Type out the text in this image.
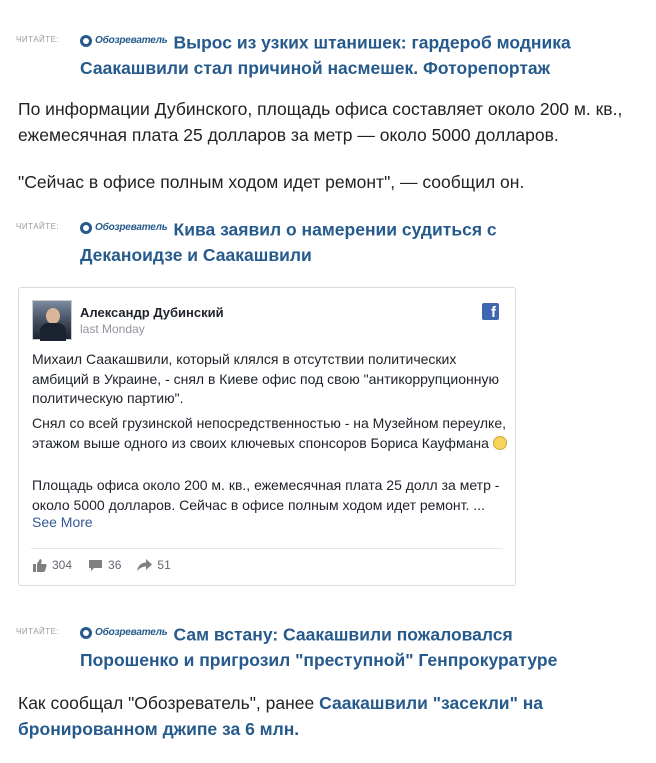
ЧИТАЙТЕ:	Обозреватель Вырос из узких штанишек: гардероб модника Саакашвили стал причиной насмешек. Фоторепортаж
По информации Дубинского, площадь офиса составляет около 200 м. кв., ежемесячная плата 25 долларов за метр — около 5000 долларов.
"Сейчас в офисе полным ходом идет ремонт", — сообщил он.
ЧИТАЙТЕ:	Обозреватель Кива заявил о намерении судиться с Деканоидзе и Саакашвили
Александр Дубинский
last Monday
f
Михаил Саакашвили, который клялся в отсутствии политических амбиций в Украине, - снял в Киеве офис под свою "антикоррупционную политическую партию".
Снял со всей грузинской непосредственностью - на Музейном переулке, этажом выше одного из своих ключевых спонсоров Бориса Кауфмана
Площадь офиса около 200 м. кв., ежемесячная плата 25 долл за метр - около 5000 долларов. Сейчас в офисе полным ходом идет ремонт. ...
See More
304	36	51
ЧИТАЙТЕ:	Обозреватель Сам встану: Саакашвили пожаловался Порошенко и пригрозил "преступной" Генпрокуратуре
Как сообщал "Обозреватель", ранее Саакашвили "засекли" на бронированном джипе за 6 млн.
